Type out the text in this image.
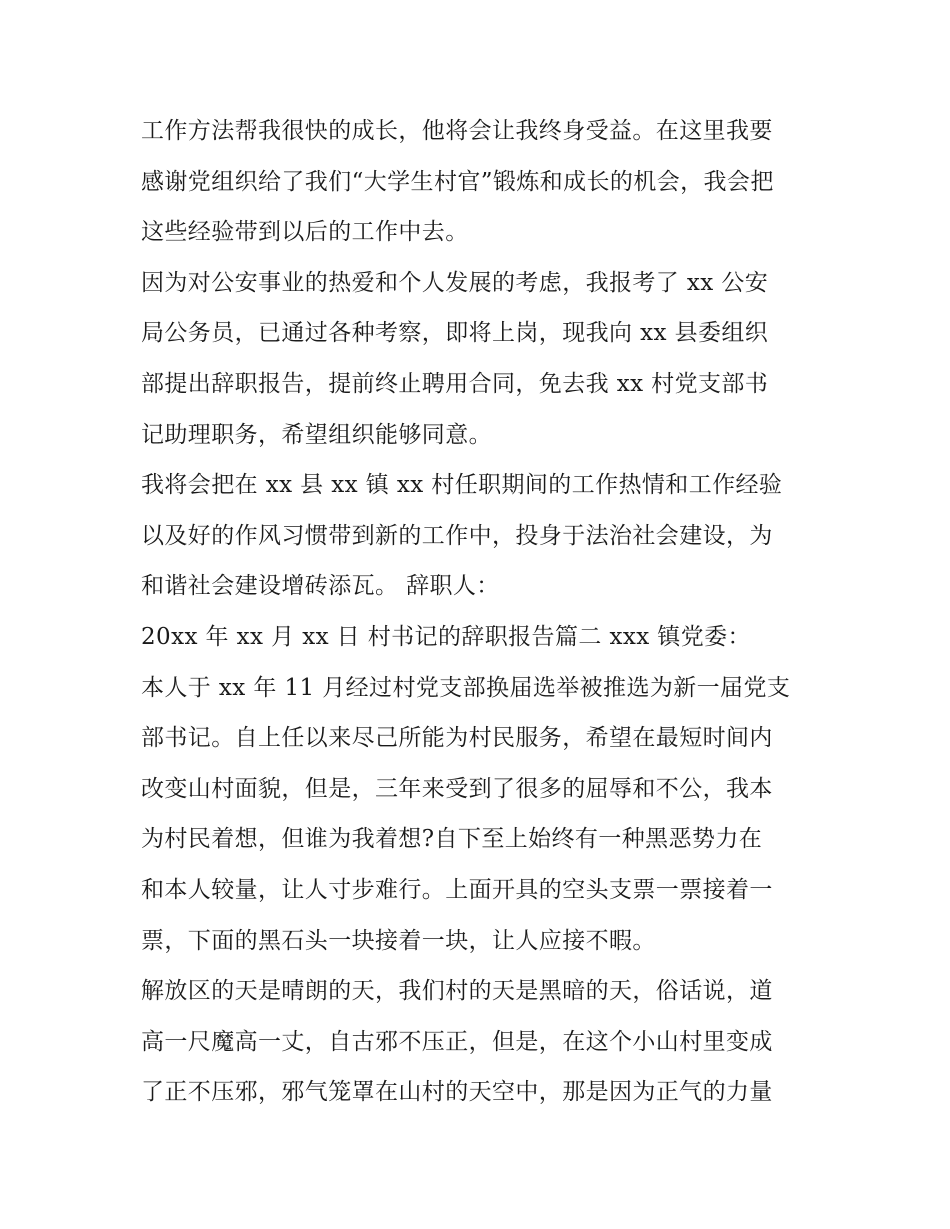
工作方法帮我很快的成长，他将会让我终身受益。在这里我要
感谢党组织给了我们“大学生村官”锻炼和成长的机会，我会把
这些经验带到以后的工作中去。
因为对公安事业的热爱和个人发展的考虑，我报考了 xx 公安
局公务员，已通过各种考察，即将上岗，现我向 xx 县委组织
部提出辞职报告，提前终止聘用合同，免去我 xx 村党支部书
记助理职务，希望组织能够同意。
我将会把在 xx 县 xx 镇 xx 村任职期间的工作热情和工作经验
以及好的作风习惯带到新的工作中，投身于法治社会建设，为
和谐社会建设增砖添瓦。 辞职人：
20xx 年 xx 月 xx 日 村书记的辞职报告篇二 xxx 镇党委：
本人于 xx 年 11 月经过村党支部换届选举被推选为新一届党支
部书记。自上任以来尽己所能为村民服务，希望在最短时间内
改变山村面貌，但是，三年来受到了很多的屈辱和不公，我本
为村民着想，但谁为我着想?自下至上始终有一种黑恶势力在
和本人较量，让人寸步难行。上面开具的空头支票一票接着一
票，下面的黑石头一块接着一块，让人应接不暇。
解放区的天是晴朗的天，我们村的天是黑暗的天，俗话说，道
高一尺魔高一丈，自古邪不压正，但是，在这个小山村里变成
了正不压邪，邪气笼罩在山村的天空中，那是因为正气的力量
